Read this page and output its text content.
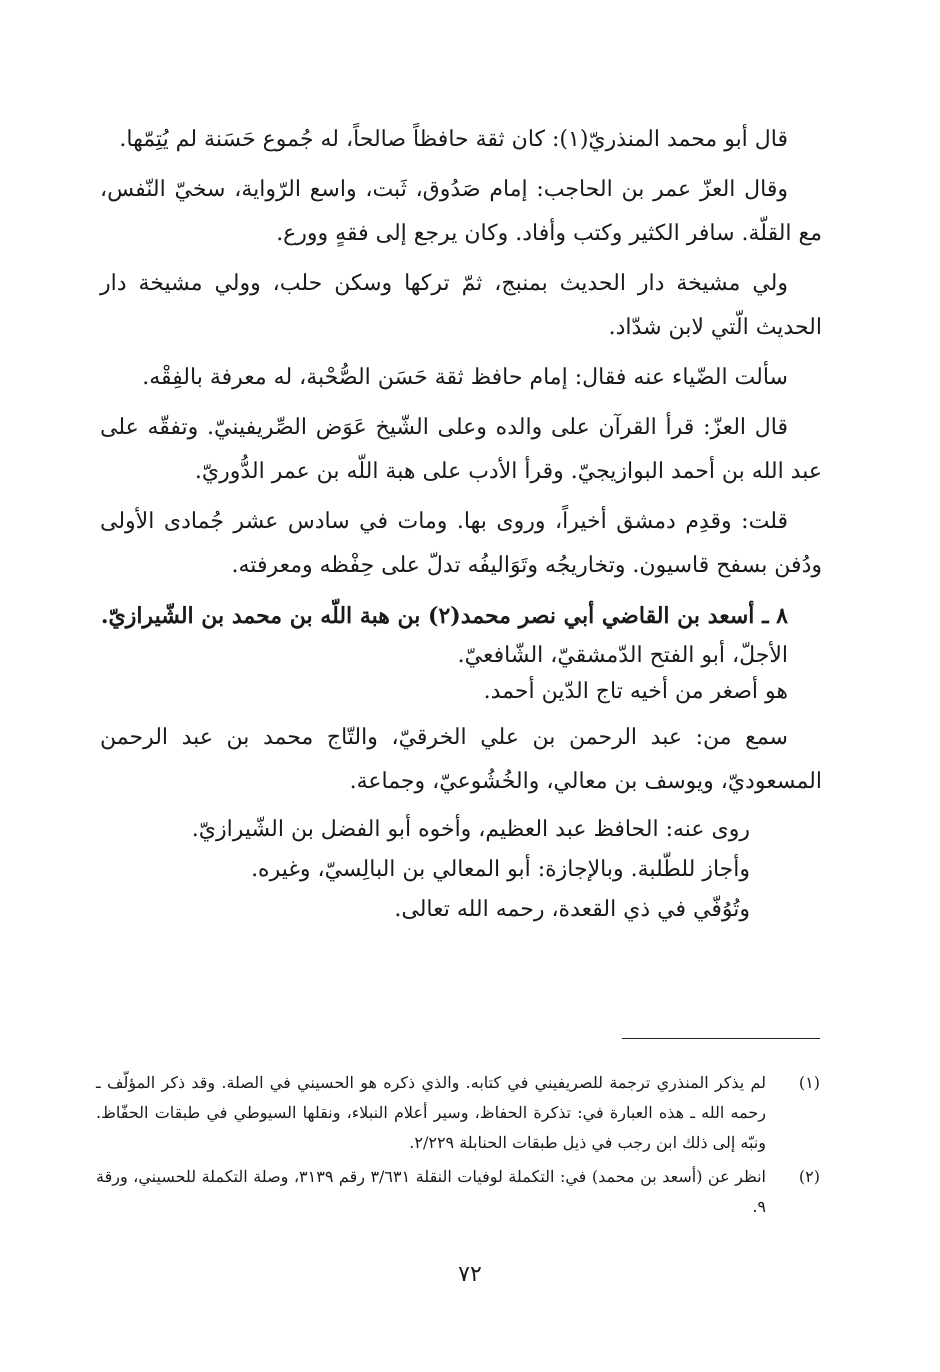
قال أبو محمد المنذريّ(١): كان ثقة حافظاً صالحاً، له جُموع حَسَنة لم يُتِمّها.

وقال العزّ عمر بن الحاجب: إمام صَدُوق، ثَبت، واسع الرّواية، سخيّ النّفس، مع القلّة. سافر الكثير وكتب وأفاد. وكان يرجع إلى فقهٍ وورع.

ولي مشيخة دار الحديث بمنبج، ثمّ تركها وسكن حلب، وولي مشيخة دار الحديث الّتي لابن شدّاد.

سألت الضّياء عنه فقال: إمام حافظ ثقة حَسَن الصُّحْبة، له معرفة بالفِقْه.

قال العزّ: قرأ القرآن على والده وعلى الشّيخ عَوَض الصِّريفينيّ. وتفقّه على عبد الله بن أحمد البوازيجيّ. وقرأ الأدب على هبة اللّه بن عمر الدُّوريّ.

قلت: وقدِم دمشق أخيراً، وروى بها. ومات في سادس عشر جُمادى الأولى ودُفن بسفح قاسيون. وتخاريجُه وتَوَاليفُه تدلّ على حِفْظه ومعرفته.

٨ ـ أسعد بن القاضي أبي نصر محمد(٢) بن هبة اللّه بن محمد بن الشّيرازيّ.

الأجلّ، أبو الفتح الدّمشقيّ، الشّافعيّ.

هو أصغر من أخيه تاج الدّين أحمد.

سمع من: عبد الرحمن بن علي الخرقيّ، والتّاج محمد بن عبد الرحمن المسعوديّ، ويوسف بن معالي، والخُشُوعيّ، وجماعة.

روى عنه: الحافظ عبد العظيم، وأخوه أبو الفضل بن الشّيرازيّ.

وأجاز للطّلبة. وبالإجازة: أبو المعالي بن البالِسيّ، وغيره.

وتُوُفّي في ذي القعدة، رحمه الله تعالى.

(١)
لم يذكر المنذري ترجمة للصريفيني في كتابه. والذي ذكره هو الحسيني في الصلة. وقد ذكر المؤلّف ـ رحمه الله ـ هذه العبارة في: تذكرة الحفاظ، وسير أعلام النبلاء، ونقلها السيوطي في طبقات الحفّاظ. ونبّه إلى ذلك ابن رجب في ذيل طبقات الحنابلة ٢/٢٢٩.
(٢)
انظر عن (أسعد بن محمد) في: التكملة لوفيات النقلة ٣/٦٣١ رقم ٣١٣٩، وصلة التكملة للحسيني، ورقة ٩.
٧٢
